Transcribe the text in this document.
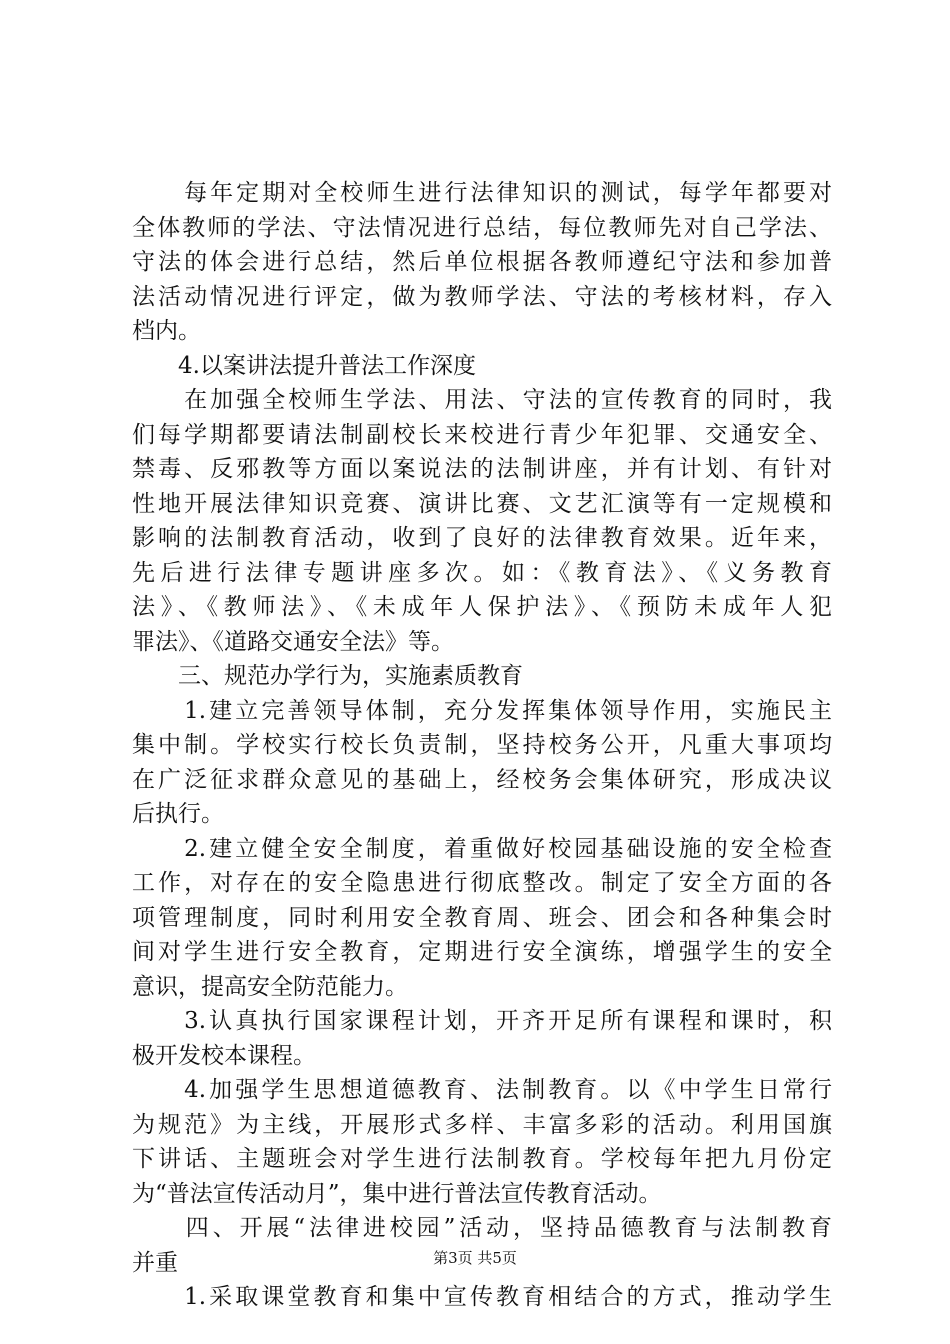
　　每年定期对全校师生进行法律知识的测试，每学年都要对
全体教师的学法、守法情况进行总结，每位教师先对自己学法、
守法的体会进行总结，然后单位根据各教师遵纪守法和参加普
法活动情况进行评定，做为教师学法、守法的考核材料，存入
档内。
　　4.以案讲法提升普法工作深度
　　在加强全校师生学法、用法、守法的宣传教育的同时，我
们每学期都要请法制副校长来校进行青少年犯罪、交通安全、
禁毒、反邪教等方面以案说法的法制讲座，并有计划、有针对
性地开展法律知识竞赛、演讲比赛、文艺汇演等有一定规模和
影响的法制教育活动，收到了良好的法律教育效果。近年来，
先后进行法律专题讲座多次。如：《教育法》、《义务教育
法》、《教师法》、《未成年人保护法》、《预防未成年人犯
罪法》、《道路交通安全法》等。
　　三、规范办学行为，实施素质教育
　　1.建立完善领导体制，充分发挥集体领导作用，实施民主
集中制。学校实行校长负责制，坚持校务公开，凡重大事项均
在广泛征求群众意见的基础上，经校务会集体研究，形成决议
后执行。
　　2.建立健全安全制度，着重做好校园基础设施的安全检查
工作，对存在的安全隐患进行彻底整改。制定了安全方面的各
项管理制度，同时利用安全教育周、班会、团会和各种集会时
间对学生进行安全教育，定期进行安全演练，增强学生的安全
意识，提高安全防范能力。
　　3.认真执行国家课程计划，开齐开足所有课程和课时，积
极开发校本课程。
　　4.加强学生思想道德教育、法制教育。以《中学生日常行
为规范》为主线，开展形式多样、丰富多彩的活动。利用国旗
下讲话、主题班会对学生进行法制教育。学校每年把九月份定
为“普法宣传活动月”，集中进行普法宣传教育活动。
　　四、开展“法律进校园”活动，坚持品德教育与法制教育
并重
　　1.采取课堂教育和集中宣传教育相结合的方式，推动学生
第3页 共5页
